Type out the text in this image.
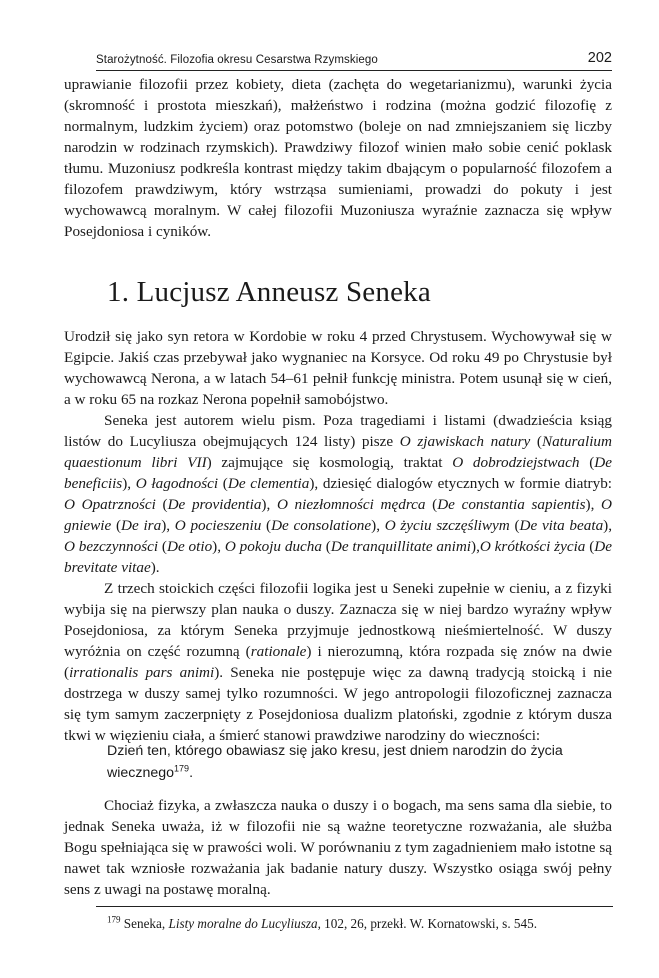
Starożytność. Filozofia okresu Cesarstwa Rzymskiego	202

uprawianie filozofii przez kobiety, dieta (zachęta do wegetarianizmu), warunki życia (skromność i prostota mieszkań), małżeństwo i rodzina (można godzić filozofię z normalnym, ludzkim życiem) oraz potomstwo (boleje on nad zmniejszaniem się liczby narodzin w rodzinach rzymskich). Prawdziwy filozof winien mało sobie cenić poklask tłumu. Muzoniusz podkreśla kontrast między takim dbającym o popularność filozofem a filozofem prawdziwym, który wstrząsa sumieniami, prowadzi do pokuty i jest wychowawcą moralnym. W całej filozofii Muzoniusza wyraźnie zaznacza się wpływ Posejdoniosa i cyników.

1. Lucjusz Anneusz Seneka

Urodził się jako syn retora w Kordobie w roku 4 przed Chrystusem. Wychowywał się w Egipcie. Jakiś czas przebywał jako wygnaniec na Korsyce. Od roku 49 po Chrystusie był wychowawcą Nerona, a w latach 54–61 pełnił funkcję ministra. Potem usunął się w cień, a w roku 65 na rozkaz Nerona popełnił samobójstwo.

Seneka jest autorem wielu pism. Poza tragediami i listami (dwadzieścia ksiąg listów do Lucyliusza obejmujących 124 listy) pisze O zjawiskach natury (Naturalium quaestionum libri VII) zajmujące się kosmologią, traktat O dobrodziejstwach (De beneficiis), O łagodności (De clementia), dziesięć dialogów etycznych w formie diatryb: O Opatrzności (De providentia), O niezłomności mędrca (De constantia sapientis), O gniewie (De ira), O pocieszeniu (De consolatione), O życiu szczęśliwym (De vita beata), O bezczynności (De otio), O pokoju ducha (De tranquillitate animi),O krótkości życia (De brevitate vitae).

Z trzech stoickich części filozofii logika jest u Seneki zupełnie w cieniu, a z fizyki wybija się na pierwszy plan nauka o duszy. Zaznacza się w niej bardzo wyraźny wpływ Posejdoniosa, za którym Seneka przyjmuje jednostkową nieśmiertelność. W duszy wyróżnia on część rozumną (rationale) i nierozumną, która rozpada się znów na dwie (irrationalis pars animi). Seneka nie postępuje więc za dawną tradycją stoicką i nie dostrzega w duszy samej tylko rozumności. W jego antropologii filozoficznej zaznacza się tym samym zaczerpnięty z Posejdoniosa dualizm platoński, zgodnie z którym dusza tkwi w więzieniu ciała, a śmierć stanowi prawdziwe narodziny do wieczności:

Dzień ten, którego obawiasz się jako kresu, jest dniem narodzin do życia wiecznego$^{179}$.

Chociaż fizyka, a zwłaszcza nauka o duszy i o bogach, ma sens sama dla siebie, to jednak Seneka uważa, iż w filozofii nie są ważne teoretyczne rozważania, ale służba Bogu spełniająca się w prawości woli. W porównaniu z tym zagadnieniem mało istotne są nawet tak wzniosłe rozważania jak badanie natury duszy. Wszystko osiąga swój pełny sens z uwagi na postawę moralną.

$^{179}$ Seneka, Listy moralne do Lucyliusza, 102, 26, przekł. W. Kornatowski, s. 545.
